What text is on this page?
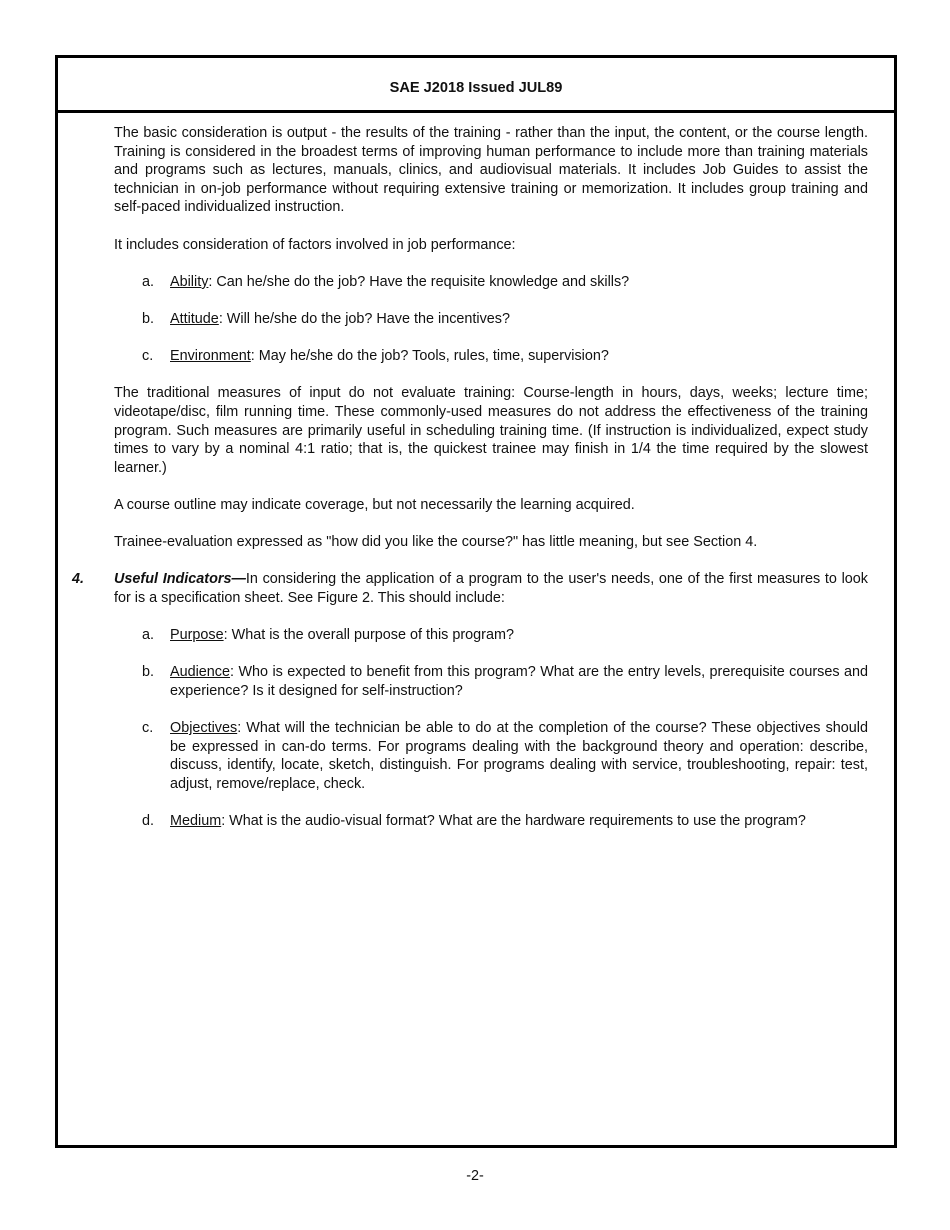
SAE J2018 Issued JUL89

The basic consideration is output - the results of the training - rather than the input, the content, or the course length. Training is considered in the broadest terms of improving human performance to include more than training materials and programs such as lectures, manuals, clinics, and audiovisual materials. It includes Job Guides to assist the technician in on-job performance without requiring extensive training or memorization. It includes group training and self-paced individualized instruction.

It includes consideration of factors involved in job performance:

a. Ability: Can he/she do the job? Have the requisite knowledge and skills?
b. Attitude: Will he/she do the job? Have the incentives?
c. Environment: May he/she do the job? Tools, rules, time, supervision?

The traditional measures of input do not evaluate training: Course-length in hours, days, weeks; lecture time; videotape/disc, film running time. These commonly-used measures do not address the effectiveness of the training program. Such measures are primarily useful in scheduling training time. (If instruction is individualized, expect study times to vary by a nominal 4:1 ratio; that is, the quickest trainee may finish in 1/4 the time required by the slowest learner.)

A course outline may indicate coverage, but not necessarily the learning acquired.

Trainee-evaluation expressed as "how did you like the course?" has little meaning, but see Section 4.

4. Useful Indicators—In considering the application of a program to the user's needs, one of the first measures to look for is a specification sheet. See Figure 2. This should include:
a. Purpose: What is the overall purpose of this program?
b. Audience: Who is expected to benefit from this program? What are the entry levels, prerequisite courses and experience? Is it designed for self-instruction?
c. Objectives: What will the technician be able to do at the completion of the course? These objectives should be expressed in can-do terms. For programs dealing with the background theory and operation: describe, discuss, identify, locate, sketch, distinguish. For programs dealing with service, troubleshooting, repair: test, adjust, remove/replace, check.
d. Medium: What is the audio-visual format? What are the hardware requirements to use the program?
-2-
